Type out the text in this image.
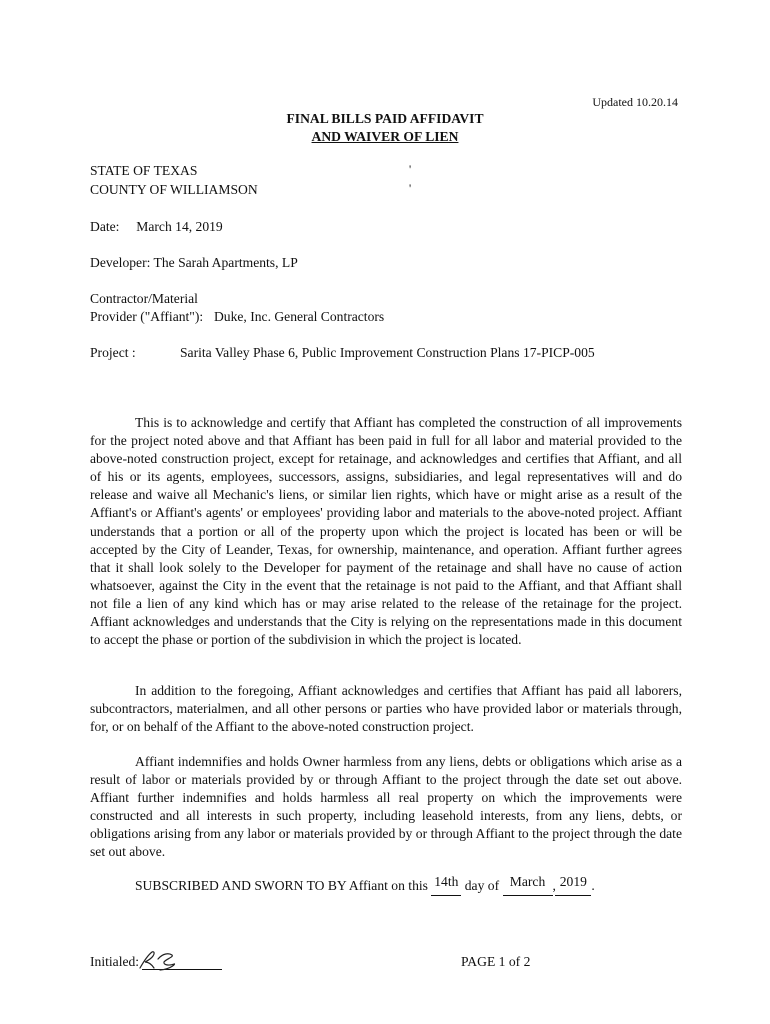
Updated 10.20.14
FINAL BILLS PAID AFFIDAVIT
AND WAIVER OF LIEN
STATE OF TEXAS	'
COUNTY OF WILLIAMSON	'
Date: March 14, 2019
Developer: The Sarah Apartments, LP
Contractor/Material
Provider ("Affiant"): Duke, Inc. General Contractors
Project :	Sarita Valley Phase 6, Public Improvement Construction Plans 17-PICP-005

This is to acknowledge and certify that Affiant has completed the construction of all improvements for the project noted above and that Affiant has been paid in full for all labor and material provided to the above-noted construction project, except for retainage, and acknowledges and certifies that Affiant, and all of his or its agents, employees, successors, assigns, subsidiaries, and legal representatives will and do release and waive all Mechanic's liens, or similar lien rights, which have or might arise as a result of the Affiant's or Affiant's agents' or employees' providing labor and materials to the above-noted project. Affiant understands that a portion or all of the property upon which the project is located has been or will be accepted by the City of Leander, Texas, for ownership, maintenance, and operation. Affiant further agrees that it shall look solely to the Developer for payment of the retainage and shall have no cause of action whatsoever, against the City in the event that the retainage is not paid to the Affiant, and that Affiant shall not file a lien of any kind which has or may arise related to the release of the retainage for the project. Affiant acknowledges and understands that the City is relying on the representations made in this document to accept the phase or portion of the subdivision in which the project is located.

In addition to the foregoing, Affiant acknowledges and certifies that Affiant has paid all laborers, subcontractors, materialmen, and all other persons or parties who have provided labor or materials through, for, or on behalf of the Affiant to the above-noted construction project.

Affiant indemnifies and holds Owner harmless from any liens, debts or obligations which arise as a result of labor or materials provided by or through Affiant to the project through the date set out above. Affiant further indemnifies and holds harmless all real property on which the improvements were constructed and all interests in such property, including leasehold interests, from any liens, debts, or obligations arising from any labor or materials provided by or through Affiant to the project through the date set out above.

SUBSCRIBED AND SWORN TO BY Affiant on this 14th day of March , 2019 .
Initialed:	PAGE 1 of 2
